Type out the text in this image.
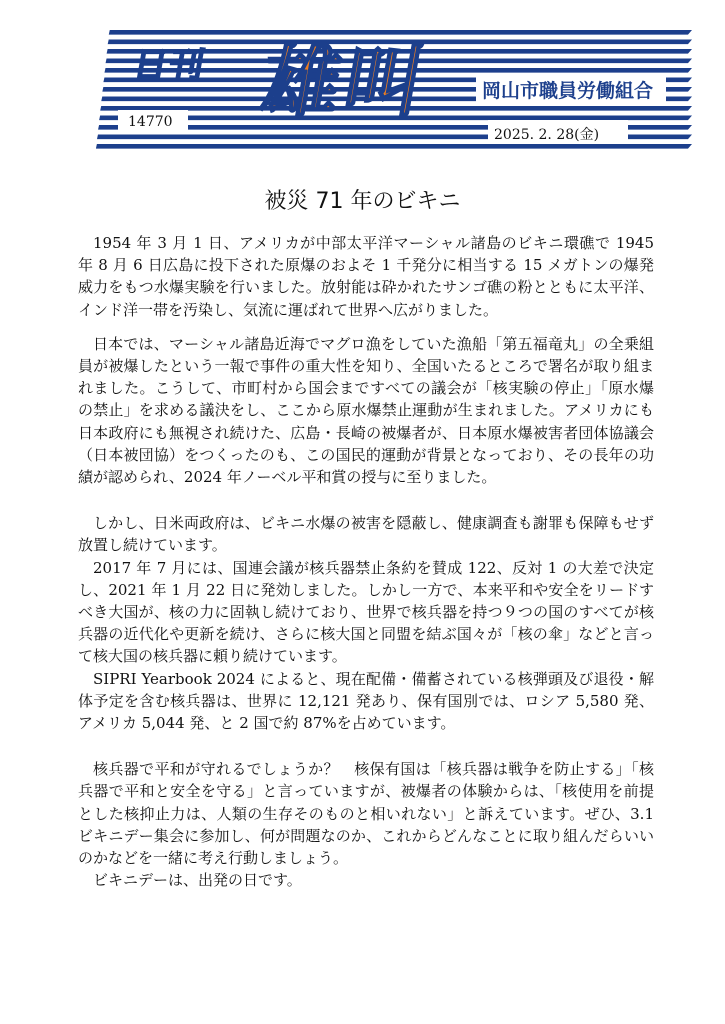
日刊 雄叫 岡山市職員労働組合
14770
2025. 2. 28(金)
被災 71 年のビキニ

1954 年 3 月 1 日、アメリカが中部太平洋マーシャル諸島のビキニ環礁で 1945 年 8 月 6 日広島に投下された原爆のおよそ 1 千発分に相当する 15 メガトンの爆発威力をもつ水爆実験を行いました。放射能は砕かれたサンゴ礁の粉とともに太平洋、インド洋一帯を汚染し、気流に運ばれて世界へ広がりました。

日本では、マーシャル諸島近海でマグロ漁をしていた漁船「第五福竜丸」の全乗組員が被爆したという一報で事件の重大性を知り、全国いたるところで署名が取り組まれました。こうして、市町村から国会まですべての議会が「核実験の停止」「原水爆の禁止」を求める議決をし、ここから原水爆禁止運動が生まれました。アメリカにも日本政府にも無視され続けた、広島・長崎の被爆者が、日本原水爆被害者団体協議会（日本被団協）をつくったのも、この国民的運動が背景となっており、その長年の功績が認められ、2024 年ノーベル平和賞の授与に至りました。

しかし、日米両政府は、ビキニ水爆の被害を隠蔽し、健康調査も謝罪も保障もせず放置し続けています。

2017 年 7 月には、国連会議が核兵器禁止条約を賛成 122、反対 1 の大差で決定し、2021 年 1 月 22 日に発効しました。しかし一方で、本来平和や安全をリードすべき大国が、核の力に固執し続けており、世界で核兵器を持つ９つの国のすべてが核兵器の近代化や更新を続け、さらに核大国と同盟を結ぶ国々が「核の傘」などと言って核大国の核兵器に頼り続けています。

SIPRI Yearbook 2024 によると、現在配備・備蓄されている核弾頭及び退役・解体予定を含む核兵器は、世界に 12,121 発あり、保有国別では、ロシア 5,580 発、アメリカ 5,044 発、と 2 国で約 87%を占めています。

核兵器で平和が守れるでしょうか？　核保有国は「核兵器は戦争を防止する」「核兵器で平和と安全を守る」と言っていますが、被爆者の体験からは、「核使用を前提とした核抑止力は、人類の生存そのものと相いれない」と訴えています。ぜひ、3.1 ビキニデー集会に参加し、何が問題なのか、これからどんなことに取り組んだらいいのかなどを一緒に考え行動しましょう。

ビキニデーは、出発の日です。
